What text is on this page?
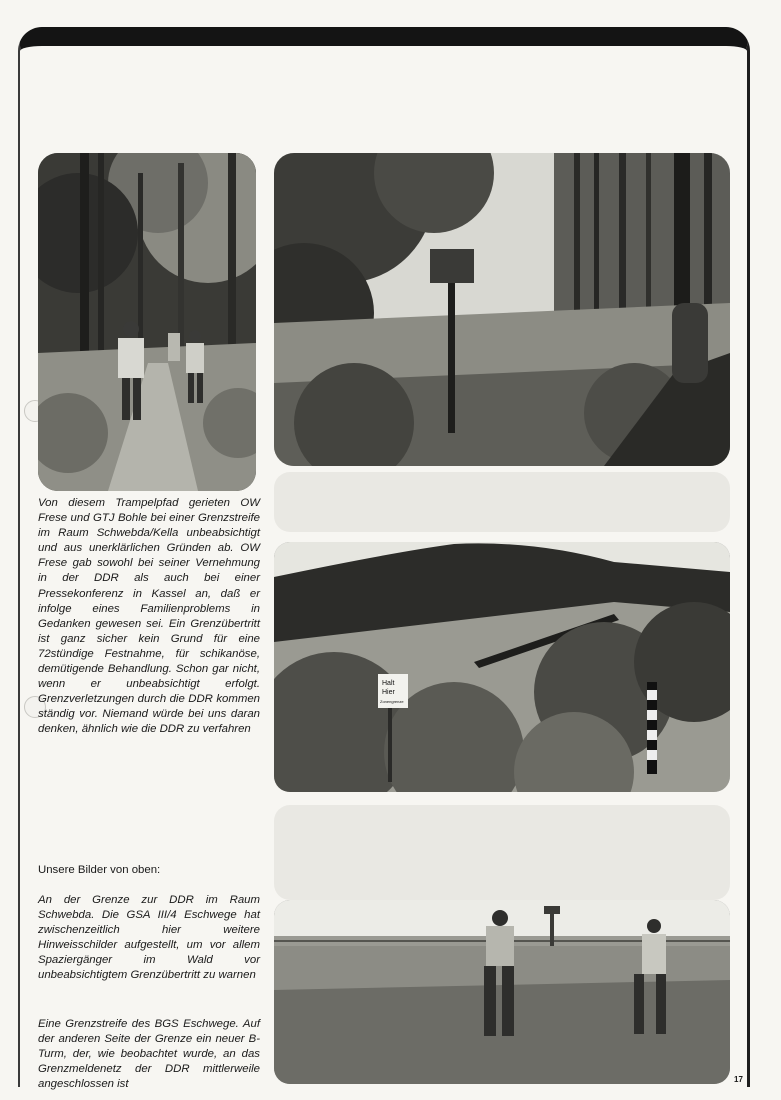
Halt
Hier
Zonengrenze

Von diesem Trampelpfad gerieten OW Frese und GTJ Bohle bei einer Grenzstreife im Raum Schwebda/Kella unbeabsichtigt und aus unerklärlichen Gründen ab. OW Frese gab sowohl bei seiner Vernehmung in der DDR als auch bei einer Pressekonferenz in Kassel an, daß er infolge eines Familienproblems in Gedanken gewesen sei. Ein Grenzübertritt ist ganz sicher kein Grund für eine 72stündige Festnahme, für schikanöse, demütigende Behandlung. Schon gar nicht, wenn er unbeabsichtigt erfolgt. Grenzverletzungen durch die DDR kommen ständig vor. Niemand würde bei uns daran denken, ähnlich wie die DDR zu verfahren

Unsere Bilder von oben:

An der Grenze zur DDR im Raum Schwebda. Die GSA III/4 Eschwege hat zwischenzeitlich hier weitere Hinweisschilder aufgestellt, um vor allem Spaziergänger im Wald vor unbeabsichtigtem Grenzübertritt zu warnen

Eine Grenzstreife des BGS Eschwege. Auf der anderen Seite der Grenze ein neuer B-Turm, der, wie beobachtet wurde, an das Grenzmeldenetz der DDR mittlerweile angeschlossen ist	17
